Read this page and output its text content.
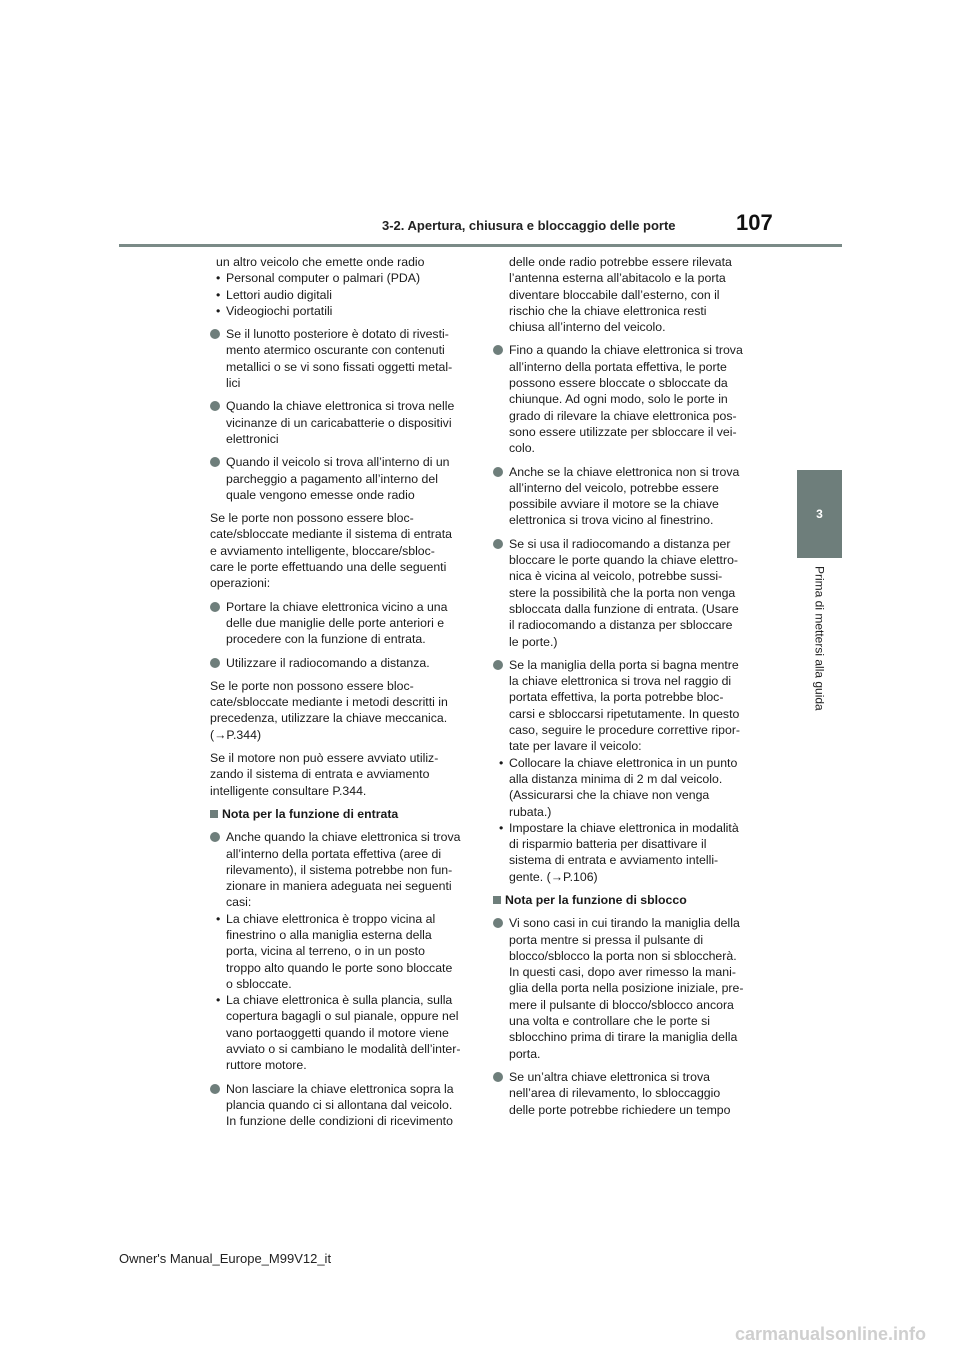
3-2. Apertura, chiusura e bloccaggio delle porte	107
3
Prima di mettersi alla guida
un altro veicolo che emette onde radio
• Personal computer o palmari (PDA)
• Lettori audio digitali
• Videogiochi portatili
Se il lunotto posteriore è dotato di rivesti-
mento atermico oscurante con contenuti
metallici o se vi sono fissati oggetti metal-
lici
Quando la chiave elettronica si trova nelle
vicinanze di un caricabatterie o dispositivi
elettronici
Quando il veicolo si trova all’interno di un
parcheggio a pagamento all’interno del
quale vengono emesse onde radio
Se le porte non possono essere bloc-
cate/sbloccate mediante il sistema di entrata
e avviamento intelligente, bloccare/sbloc-
care le porte effettuando una delle seguenti
operazioni:
Portare la chiave elettronica vicino a una
delle due maniglie delle porte anteriori e
procedere con la funzione di entrata.
Utilizzare il radiocomando a distanza.
Se le porte non possono essere bloc-
cate/sbloccate mediante i metodi descritti in
precedenza, utilizzare la chiave meccanica.
(→P.344)
Se il motore non può essere avviato utiliz-
zando il sistema di entrata e avviamento
intelligente consultare P.344.
Nota per la funzione di entrata
Anche quando la chiave elettronica si trova
all’interno della portata effettiva (aree di
rilevamento), il sistema potrebbe non fun-
zionare in maniera adeguata nei seguenti
casi:
• La chiave elettronica è troppo vicina al
finestrino o alla maniglia esterna della
porta, vicina al terreno, o in un posto
troppo alto quando le porte sono bloccate
o sbloccate.
• La chiave elettronica è sulla plancia, sulla
copertura bagagli o sul pianale, oppure nel
vano portaoggetti quando il motore viene
avviato o si cambiano le modalità dell’inter-
ruttore motore.
Non lasciare la chiave elettronica sopra la
plancia quando ci si allontana dal veicolo.
In funzione delle condizioni di ricevimento
delle onde radio potrebbe essere rilevata
l’antenna esterna all’abitacolo e la porta
diventare bloccabile dall’esterno, con il
rischio che la chiave elettronica resti
chiusa all’interno del veicolo.
Fino a quando la chiave elettronica si trova
all’interno della portata effettiva, le porte
possono essere bloccate o sbloccate da
chiunque. Ad ogni modo, solo le porte in
grado di rilevare la chiave elettronica pos-
sono essere utilizzate per sbloccare il vei-
colo.
Anche se la chiave elettronica non si trova
all’interno del veicolo, potrebbe essere
possibile avviare il motore se la chiave
elettronica si trova vicino al finestrino.
Se si usa il radiocomando a distanza per
bloccare le porte quando la chiave elettro-
nica è vicina al veicolo, potrebbe sussi-
stere la possibilità che la porta non venga
sbloccata dalla funzione di entrata. (Usare
il radiocomando a distanza per sbloccare
le porte.)
Se la maniglia della porta si bagna mentre
la chiave elettronica si trova nel raggio di
portata effettiva, la porta potrebbe bloc-
carsi e sbloccarsi ripetutamente. In questo
caso, seguire le procedure correttive ripor-
tate per lavare il veicolo:
• Collocare la chiave elettronica in un punto
alla distanza minima di 2 m dal veicolo.
(Assicurarsi che la chiave non venga
rubata.)
• Impostare la chiave elettronica in modalità
di risparmio batteria per disattivare il
sistema di entrata e avviamento intelli-
gente. (→P.106)
Nota per la funzione di sblocco
Vi sono casi in cui tirando la maniglia della
porta mentre si pressa il pulsante di
blocco/sblocco la porta non si sbloccherà.
In questi casi, dopo aver rimesso la mani-
glia della porta nella posizione iniziale, pre-
mere il pulsante di blocco/sblocco ancora
una volta e controllare che le porte si
sblocchino prima di tirare la maniglia della
porta.
Se un’altra chiave elettronica si trova
nell’area di rilevamento, lo sbloccaggio
delle porte potrebbe richiedere un tempo
Owner's Manual_Europe_M99V12_it
carmanualsonline.info
